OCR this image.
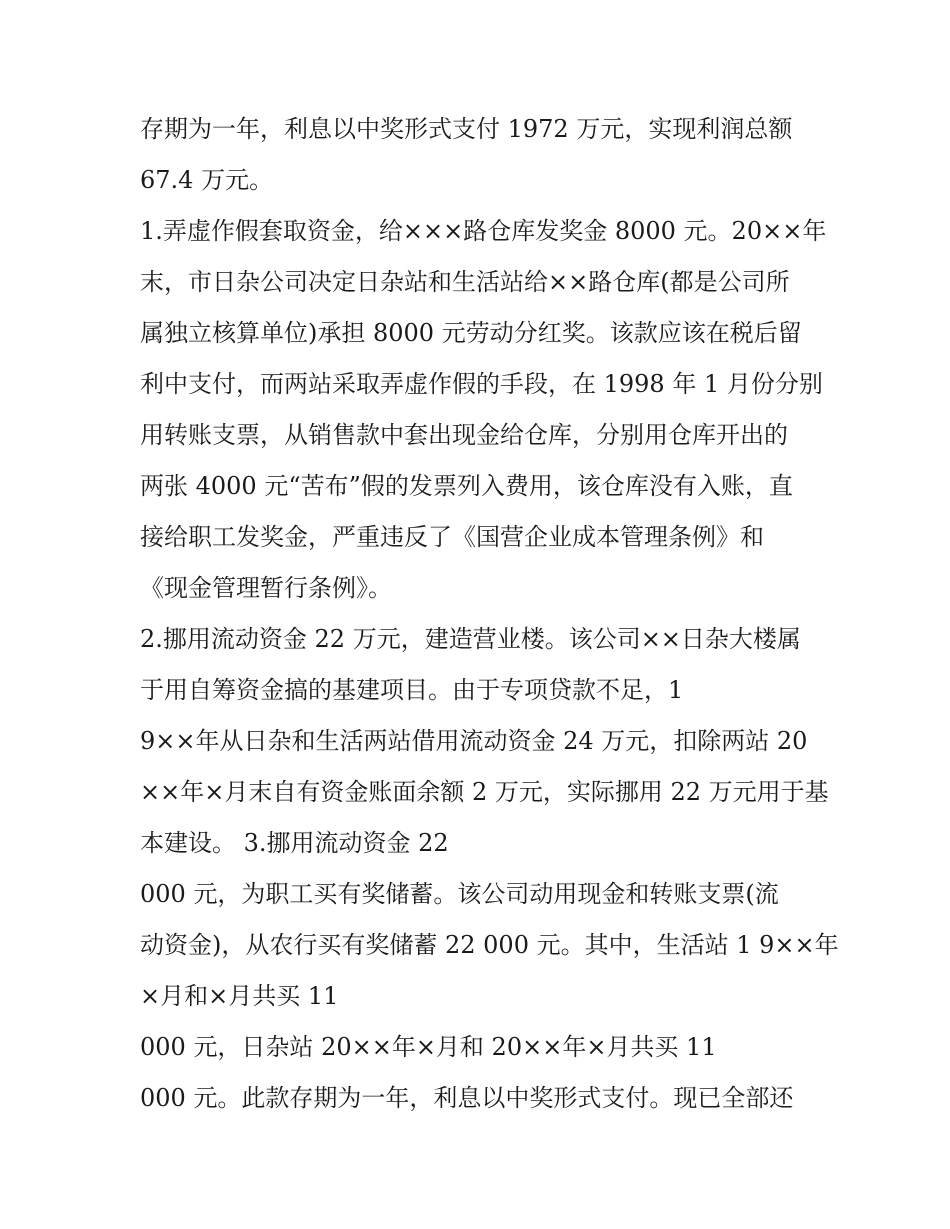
存期为一年，利息以中奖形式支付 1972 万元，实现利润总额
67.4 万元。
1.弄虚作假套取资金，给×××路仓库发奖金 8000 元。20××年
末，市日杂公司决定日杂站和生活站给××路仓库(都是公司所
属独立核算单位)承担 8000 元劳动分红奖。该款应该在税后留
利中支付，而两站采取弄虚作假的手段，在 1998 年 1 月份分别
用转账支票，从销售款中套出现金给仓库，分别用仓库开出的
两张 4000 元“苦布”假的发票列入费用，该仓库没有入账，直
接给职工发奖金，严重违反了《国营企业成本管理条例》和
《现金管理暂行条例》。
2.挪用流动资金 22 万元，建造营业楼。该公司××日杂大楼属
于用自筹资金搞的基建项目。由于专项贷款不足，1
9××年从日杂和生活两站借用流动资金 24 万元，扣除两站 20
××年×月末自有资金账面余额 2 万元，实际挪用 22 万元用于基
本建设。 3.挪用流动资金 22
000 元，为职工买有奖储蓄。该公司动用现金和转账支票(流
动资金)，从农行买有奖储蓄 22 000 元。其中，生活站 1 9××年
×月和×月共买 11
000 元，日杂站 20××年×月和 20××年×月共买 11
000 元。此款存期为一年，利息以中奖形式支付。现已全部还
